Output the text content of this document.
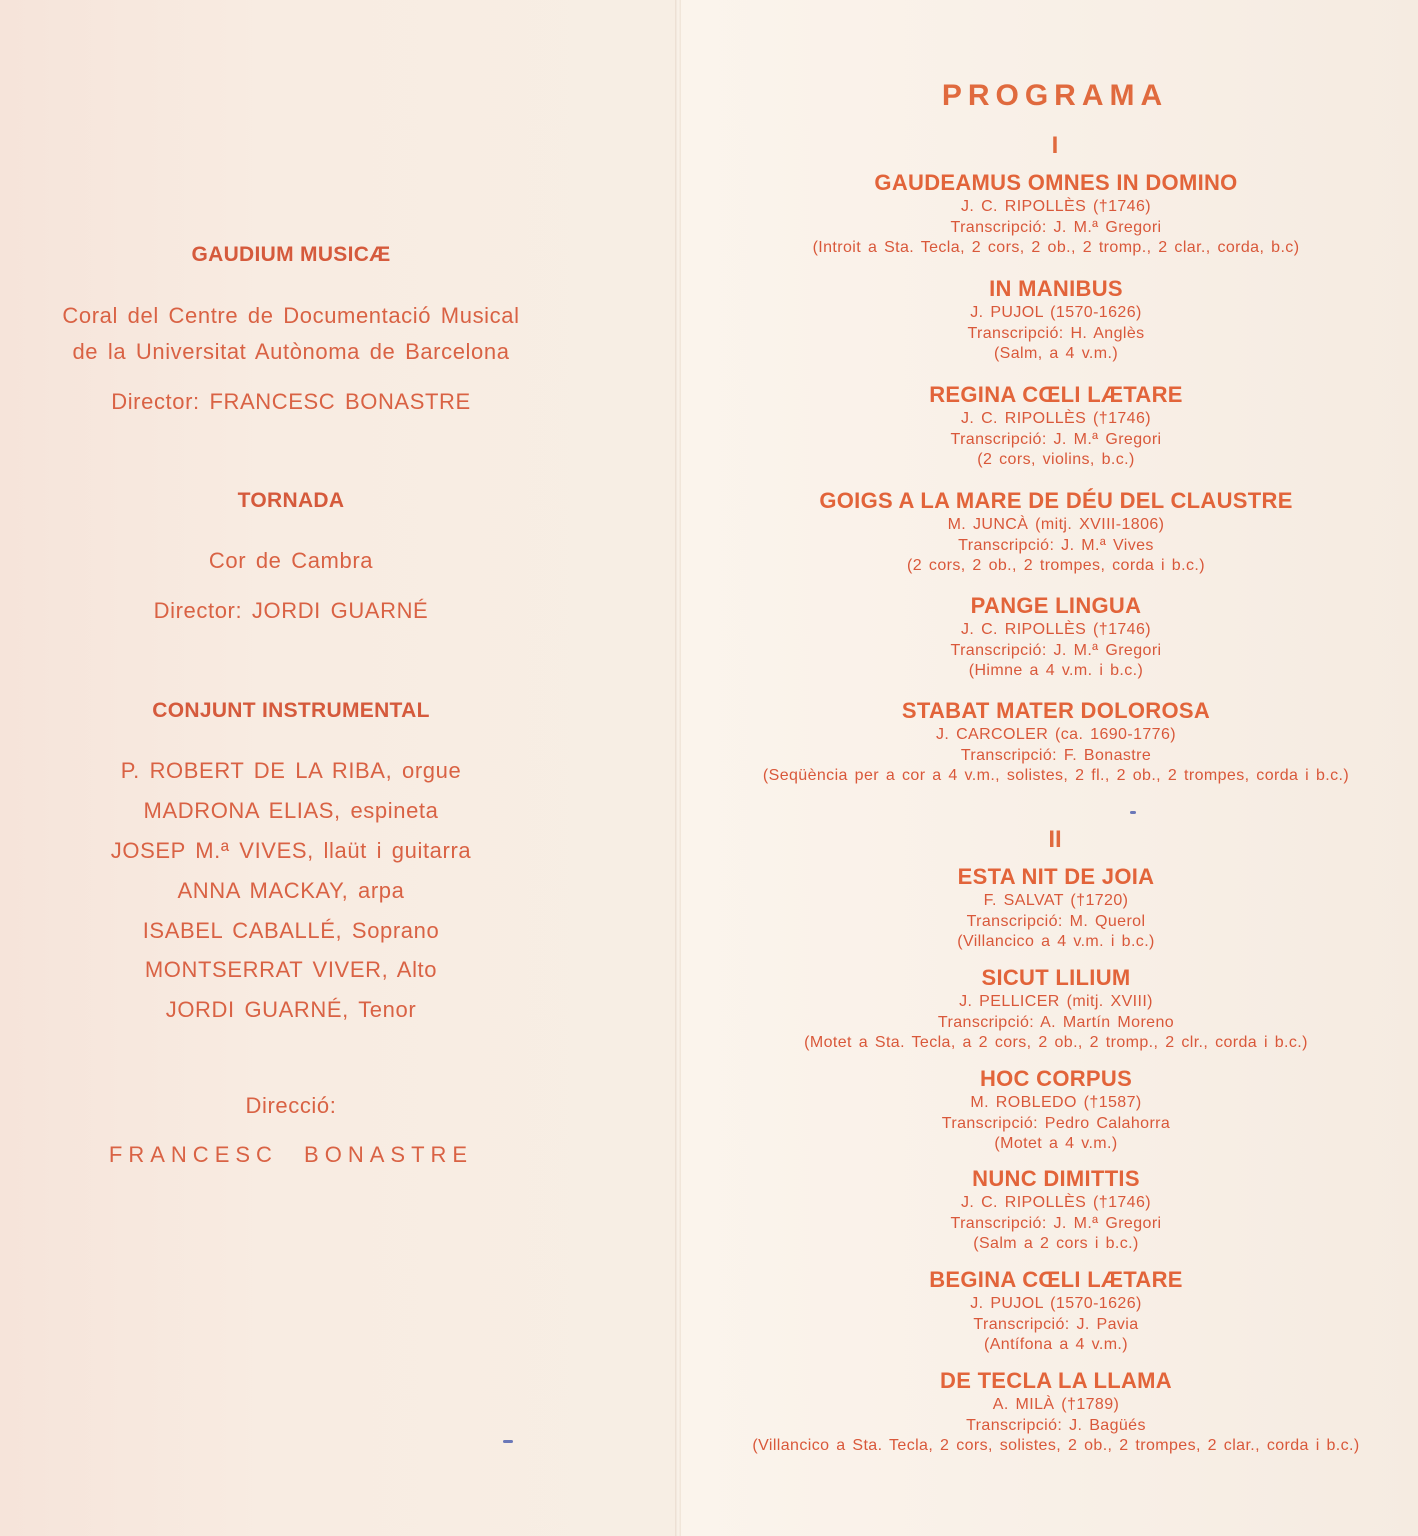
GAUDIUM MUSICÆ
Coral del Centre de Documentació Musical
de la Universitat Autònoma de Barcelona
Director: FRANCESC BONASTRE
TORNADA
Cor de Cambra
Director: JORDI GUARNÉ
CONJUNT INSTRUMENTAL
P. ROBERT DE LA RIBA, orgue
MADRONA ELIAS, espineta
JOSEP M.ª VIVES, llaüt i guitarra
ANNA MACKAY, arpa
ISABEL CABALLÉ, Soprano
MONTSERRAT VIVER, Alto
JORDI GUARNÉ, Tenor
Direcció:
FRANCESC BONASTRE
PROGRAMA
I
GAUDEAMUS OMNES IN DOMINO
J. C. RIPOLLÈS (†1746)
Transcripció: J. M.ª Gregori
(Introit a Sta. Tecla, 2 cors, 2 ob., 2 tromp., 2 clar., corda, b.c)
IN MANIBUS
J. PUJOL (1570-1626)
Transcripció: H. Anglès
(Salm, a 4 v.m.)
REGINA CŒLI LÆTARE
J. C. RIPOLLÈS (†1746)
Transcripció: J. M.ª Gregori
(2 cors, violins, b.c.)
GOIGS A LA MARE DE DÉU DEL CLAUSTRE
M. JUNCÀ (mitj. XVIII-1806)
Transcripció: J. M.ª Vives
(2 cors, 2 ob., 2 trompes, corda i b.c.)
PANGE LINGUA
J. C. RIPOLLÈS (†1746)
Transcripció: J. M.ª Gregori
(Himne a 4 v.m. i b.c.)
STABAT MATER DOLOROSA
J. CARCOLER (ca. 1690-1776)
Transcripció: F. Bonastre
(Seqüència per a cor a 4 v.m., solistes, 2 fl., 2 ob., 2 trompes, corda i b.c.)
II
ESTA NIT DE JOIA
F. SALVAT (†1720)
Transcripció: M. Querol
(Villancico a 4 v.m. i b.c.)
SICUT LILIUM
J. PELLICER (mitj. XVIII)
Transcripció: A. Martín Moreno
(Motet a Sta. Tecla, a 2 cors, 2 ob., 2 tromp., 2 clr., corda i b.c.)
HOC CORPUS
M. ROBLEDO (†1587)
Transcripció: Pedro Calahorra
(Motet a 4 v.m.)
NUNC DIMITTIS
J. C. RIPOLLÈS (†1746)
Transcripció: J. M.ª Gregori
(Salm a 2 cors i b.c.)
BEGINA CŒLI LÆTARE
J. PUJOL (1570-1626)
Transcripció: J. Pavia
(Antífona a 4 v.m.)
DE TECLA LA LLAMA
A. MILÀ (†1789)
Transcripció: J. Bagüés
(Villancico a Sta. Tecla, 2 cors, solistes, 2 ob., 2 trompes, 2 clar., corda i b.c.)
